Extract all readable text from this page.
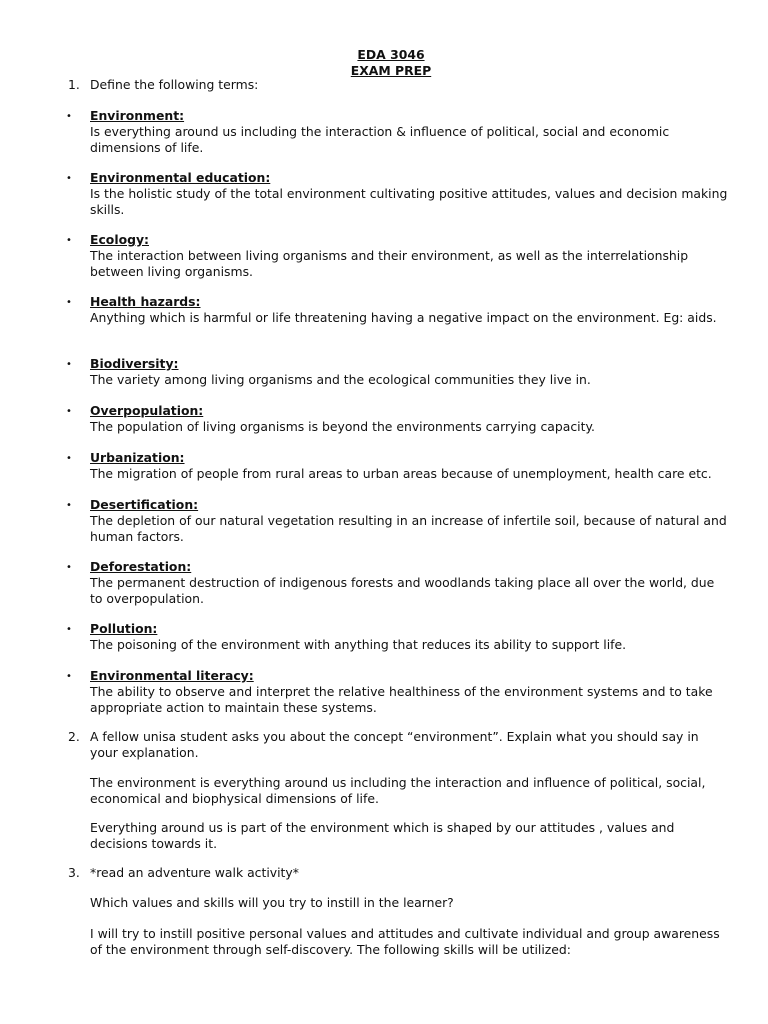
EDA 3046
EXAM PREP
1. Define the following terms:
•	Environment:
Is everything around us including the interaction & influence of political, social and economic dimensions of life.
•	Environmental education:
Is the holistic study of the total environment cultivating positive attitudes, values and decision making skills.
•	Ecology:
The interaction between living organisms and their environment, as well as the interrelationship between living organisms.
•	Health hazards:
Anything which is harmful or life threatening having a negative impact on the environment. Eg: aids.
•	Biodiversity:
The variety among living organisms and the ecological communities they live in.
•	Overpopulation:
The population of living organisms is beyond the environments carrying capacity.
•	Urbanization:
The migration of people from rural areas to urban areas because of unemployment, health care etc.
•	Desertification:
The depletion of our natural vegetation resulting in an increase of infertile soil, because of natural and human factors.
•	Deforestation:
The permanent destruction of indigenous forests and woodlands taking place all over the world, due to overpopulation.
•	Pollution:
The poisoning of the environment with anything that reduces its ability to support life.
•	Environmental literacy:
The ability to observe and interpret the relative healthiness of the environment systems and to take appropriate action to maintain these systems.
2. A fellow unisa student asks you about the concept “environment”. Explain what you should say in your explanation.
The environment is everything around us including the interaction and influence of political, social, economical and biophysical dimensions of life.
Everything around us is part of the environment which is shaped by our attitudes , values and decisions towards it.
3. *read an adventure walk activity*
Which values and skills will you try to instill in the learner?
I will try to instill positive personal values and attitudes and cultivate individual and group awareness of the environment through self-discovery. The following skills will be utilized:
